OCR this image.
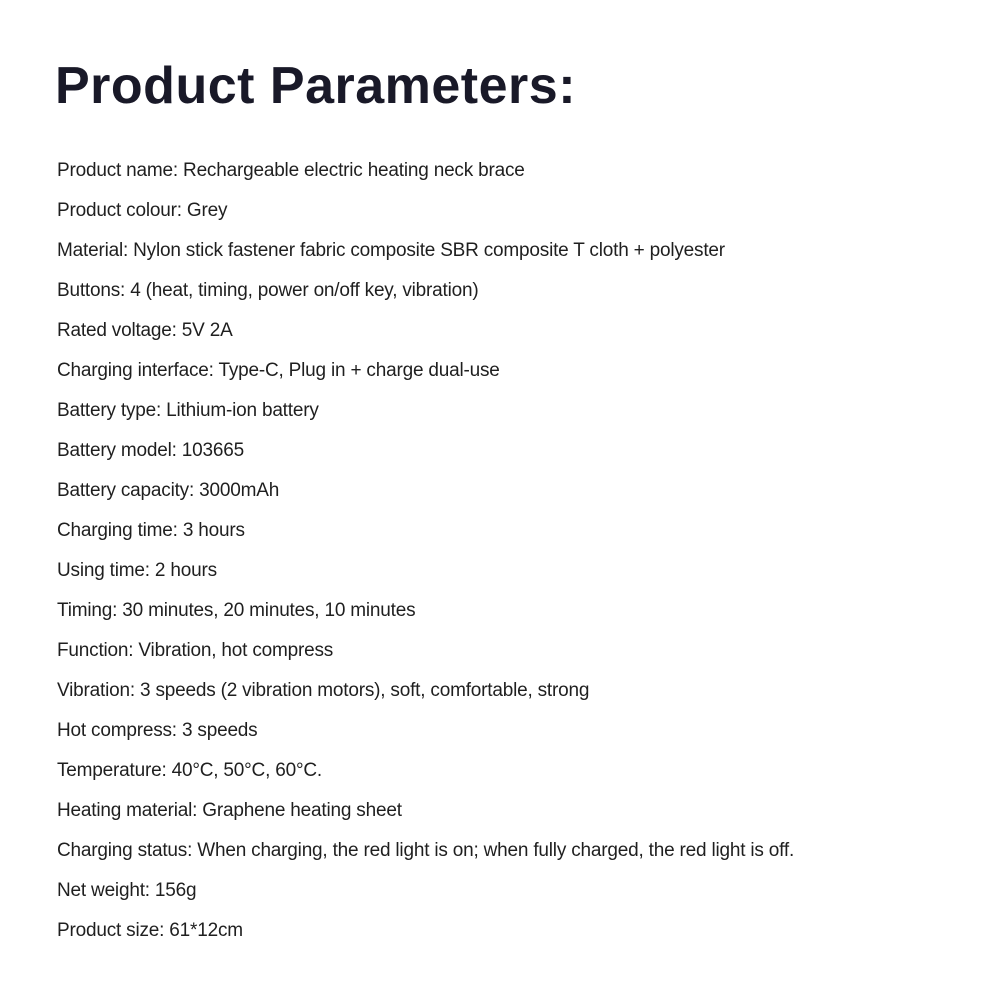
Product Parameters:
Product name: Rechargeable electric heating neck brace
Product colour: Grey
Material: Nylon stick fastener fabric composite SBR composite T cloth + polyester
Buttons: 4 (heat, timing, power on/off key, vibration)
Rated voltage: 5V 2A
Charging interface: Type-C, Plug in + charge dual-use
Battery type: Lithium-ion battery
Battery model: 103665
Battery capacity: 3000mAh
Charging time: 3 hours
Using time: 2 hours
Timing: 30 minutes, 20 minutes, 10 minutes
Function: Vibration, hot compress
Vibration: 3 speeds (2 vibration motors), soft, comfortable, strong
Hot compress: 3 speeds
Temperature: 40°C, 50°C, 60°C.
Heating material: Graphene heating sheet
Charging status: When charging, the red light is on; when fully charged, the red light is off.
Net weight: 156g
Product size: 61*12cm
